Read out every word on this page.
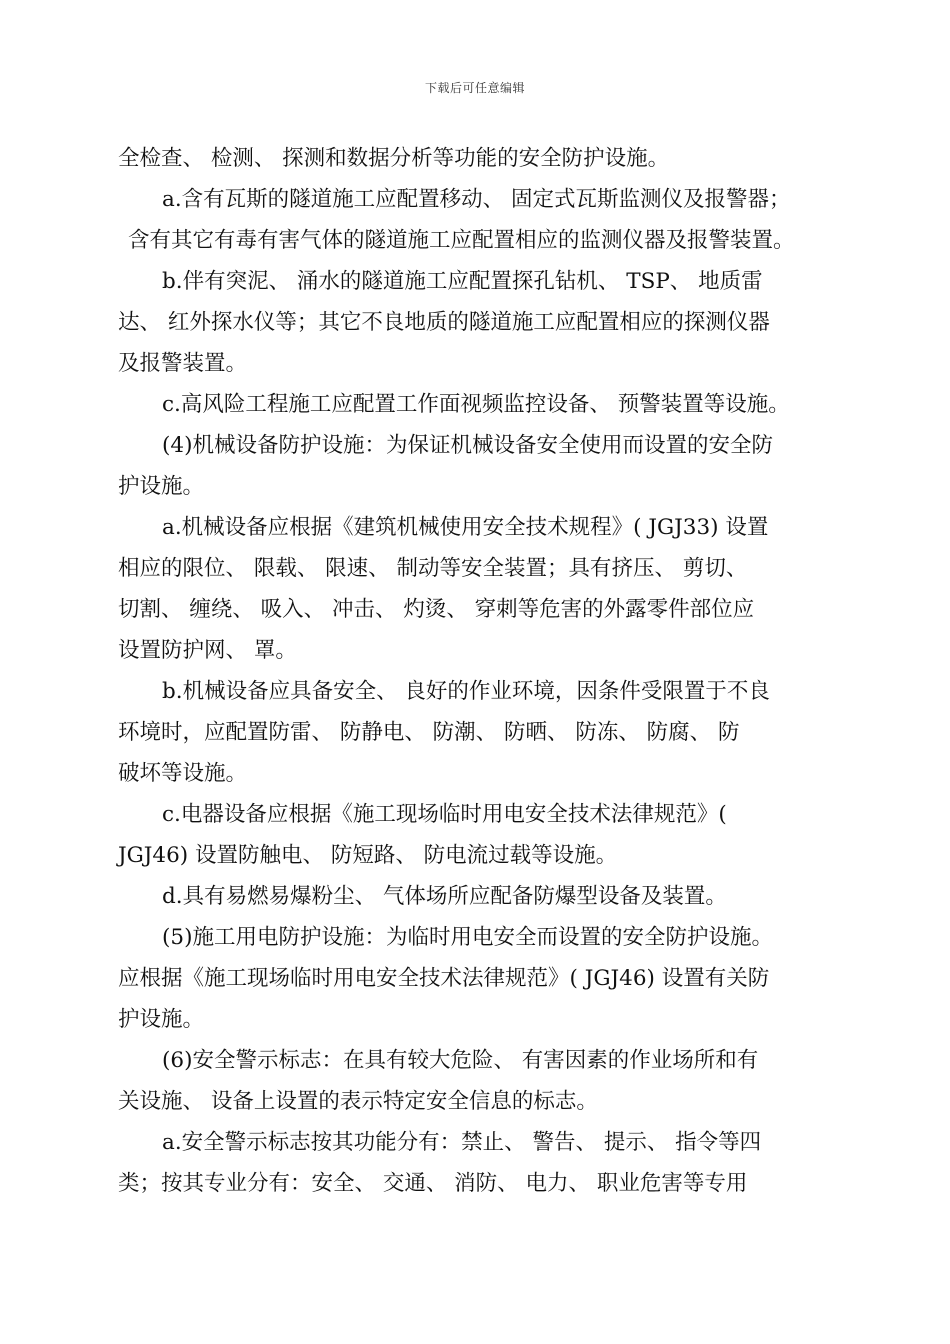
下载后可任意编辑
全检查、 检测、 探测和数据分析等功能的安全防护设施。
a.含有瓦斯的隧道施工应配置移动、 固定式瓦斯监测仪及报警器；
含有其它有毒有害气体的隧道施工应配置相应的监测仪器及报警装置。
b.伴有突泥、 涌水的隧道施工应配置探孔钻机、 TSP、 地质雷
达、 红外探水仪等；其它不良地质的隧道施工应配置相应的探测仪器
及报警装置。
c.高风险工程施工应配置工作面视频监控设备、 预警装置等设施。
(4)机械设备防护设施：为保证机械设备安全使用而设置的安全防
护设施。
a.机械设备应根据《建筑机械使用安全技术规程》( JGJ33) 设置
相应的限位、 限载、 限速、 制动等安全装置；具有挤压、 剪切、
切割、 缠绕、 吸入、 冲击、 灼烫、 穿刺等危害的外露零件部位应
设置防护网、 罩。
b.机械设备应具备安全、 良好的作业环境，因条件受限置于不良
环境时，应配置防雷、 防静电、 防潮、 防晒、 防冻、 防腐、 防
破坏等设施。
c.电器设备应根据《施工现场临时用电安全技术法律规范》(
JGJ46) 设置防触电、 防短路、 防电流过载等设施。
d.具有易燃易爆粉尘、 气体场所应配备防爆型设备及装置。
(5)施工用电防护设施：为临时用电安全而设置的安全防护设施。
应根据《施工现场临时用电安全技术法律规范》( JGJ46) 设置有关防
护设施。
(6)安全警示标志：在具有较大危险、 有害因素的作业场所和有
关设施、 设备上设置的表示特定安全信息的标志。
a.安全警示标志按其功能分有：禁止、 警告、 提示、 指令等四
类；按其专业分有：安全、 交通、 消防、 电力、 职业危害等专用
